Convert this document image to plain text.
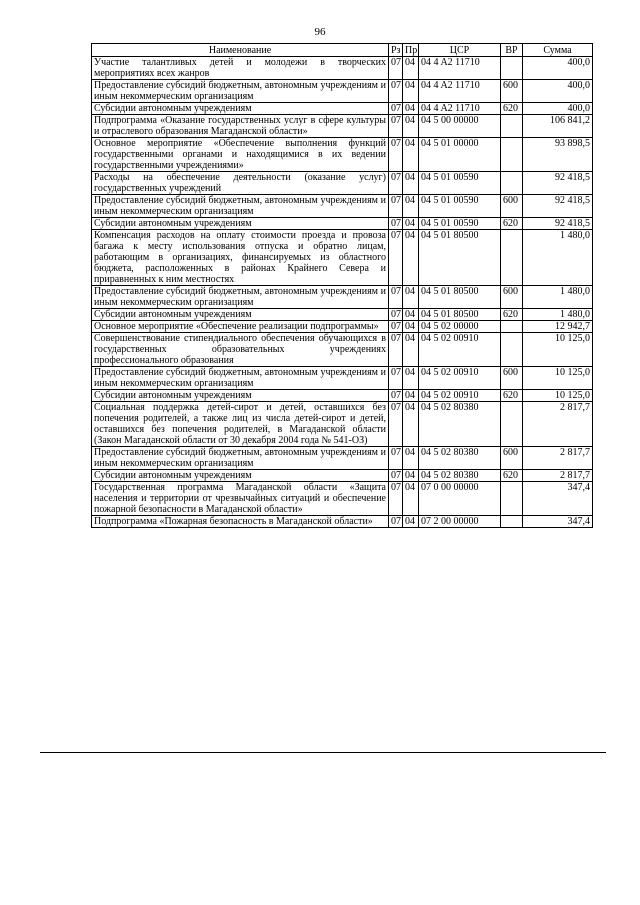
96
Наименование	Рз	Пр	ЦСР	ВР	Сумма
Участие талантливых детей и молодежи в творческих мероприятиях всех жанров	07	04	04 4 A2 11710		400,0
Предоставление субсидий бюджетным, автономным учреждениям и иным некоммерческим организациям	07	04	04 4 A2 11710	600	400,0
Субсидии автономным учреждениям	07	04	04 4 A2 11710	620	400,0
Подпрограмма «Оказание государственных услуг в сфере культуры и отраслевого образования Магаданской области»	07	04	04 5 00 00000		106 841,2
Основное мероприятие «Обеспечение выполнения функций государственными органами и находящимися в их ведении государственными учреждениями»	07	04	04 5 01 00000		93 898,5
Расходы на обеспечение деятельности (оказание услуг) государственных учреждений	07	04	04 5 01 00590		92 418,5
Предоставление субсидий бюджетным, автономным учреждениям и иным некоммерческим организациям	07	04	04 5 01 00590	600	92 418,5
Субсидии автономным учреждениям	07	04	04 5 01 00590	620	92 418,5
Компенсация расходов на оплату стоимости проезда и провоза багажа к месту использования отпуска и обратно лицам, работающим в организациях, финансируемых из областного бюджета, расположенных в районах Крайнего Севера и приравненных к ним местностях	07	04	04 5 01 80500		1 480,0
Предоставление субсидий бюджетным, автономным учреждениям и иным некоммерческим организациям	07	04	04 5 01 80500	600	1 480,0
Субсидии автономным учреждениям	07	04	04 5 01 80500	620	1 480,0
Основное мероприятие «Обеспечение реализации подпрограммы»	07	04	04 5 02 00000		12 942,7
Совершенствование стипендиального обеспечения обучающихся в государственных образовательных учреждениях профессионального образования	07	04	04 5 02 00910		10 125,0
Предоставление субсидий бюджетным, автономным учреждениям и иным некоммерческим организациям	07	04	04 5 02 00910	600	10 125,0
Субсидии автономным учреждениям	07	04	04 5 02 00910	620	10 125,0
Социальная поддержка детей-сирот и детей, оставшихся без попечения родителей, а также лиц из числа детей-сирот и детей, оставшихся без попечения родителей, в Магаданской области (Закон Магаданской области от 30 декабря 2004 года № 541-ОЗ)	07	04	04 5 02 80380		2 817,7
Предоставление субсидий бюджетным, автономным учреждениям и иным некоммерческим организациям	07	04	04 5 02 80380	600	2 817,7
Субсидии автономным учреждениям	07	04	04 5 02 80380	620	2 817,7
Государственная программа Магаданской области «Защита населения и территории от чрезвычайных ситуаций и обеспечение пожарной безопасности в Магаданской области»	07	04	07 0 00 00000		347,4
Подпрограмма «Пожарная безопасность в Магаданской области»	07	04	07 2 00 00000		347,4
